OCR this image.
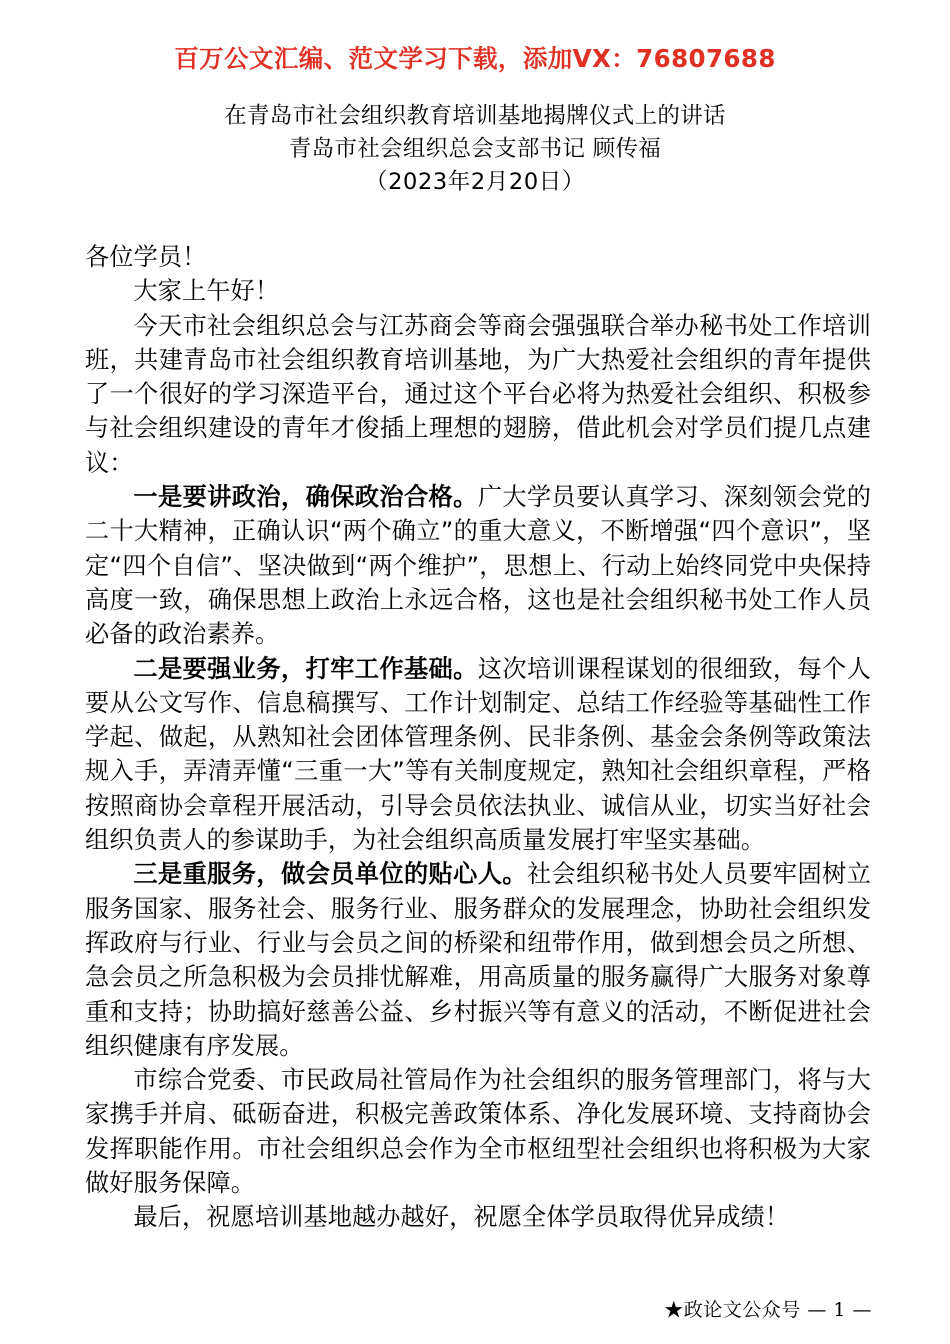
百万公文汇编、范文学习下载，添加VX：76807688
在青岛市社会组织教育培训基地揭牌仪式上的讲话
青岛市社会组织总会支部书记 顾传福
（2023年2月20日）

各位学员！

大家上午好！

今天市社会组织总会与江苏商会等商会强强联合举办秘书处工作培训班，共建青岛市社会组织教育培训基地，为广大热爱社会组织的青年提供了一个很好的学习深造平台，通过这个平台必将为热爱社会组织、积极参与社会组织建设的青年才俊插上理想的翅膀，借此机会对学员们提几点建议：

一是要讲政治，确保政治合格。广大学员要认真学习、深刻领会党的二十大精神，正确认识“两个确立”的重大意义，不断增强“四个意识”，坚定“四个自信”、坚决做到“两个维护”，思想上、行动上始终同党中央保持高度一致，确保思想上政治上永远合格，这也是社会组织秘书处工作人员必备的政治素养。

二是要强业务，打牢工作基础。这次培训课程谋划的很细致，每个人要从公文写作、信息稿撰写、工作计划制定、总结工作经验等基础性工作学起、做起，从熟知社会团体管理条例、民非条例、基金会条例等政策法规入手，弄清弄懂“三重一大”等有关制度规定，熟知社会组织章程，严格按照商协会章程开展活动，引导会员依法执业、诚信从业，切实当好社会组织负责人的参谋助手，为社会组织高质量发展打牢坚实基础。

三是重服务，做会员单位的贴心人。社会组织秘书处人员要牢固树立服务国家、服务社会、服务行业、服务群众的发展理念，协助社会组织发挥政府与行业、行业与会员之间的桥梁和纽带作用，做到想会员之所想、急会员之所急积极为会员排忧解难，用高质量的服务赢得广大服务对象尊重和支持；协助搞好慈善公益、乡村振兴等有意义的活动，不断促进社会组织健康有序发展。

市综合党委、市民政局社管局作为社会组织的服务管理部门，将与大家携手并肩、砥砺奋进，积极完善政策体系、净化发展环境、支持商协会发挥职能作用。市社会组织总会作为全市枢纽型社会组织也将积极为大家做好服务保障。

最后，祝愿培训基地越办越好，祝愿全体学员取得优异成绩！

★政论文公众号 — 1 —
